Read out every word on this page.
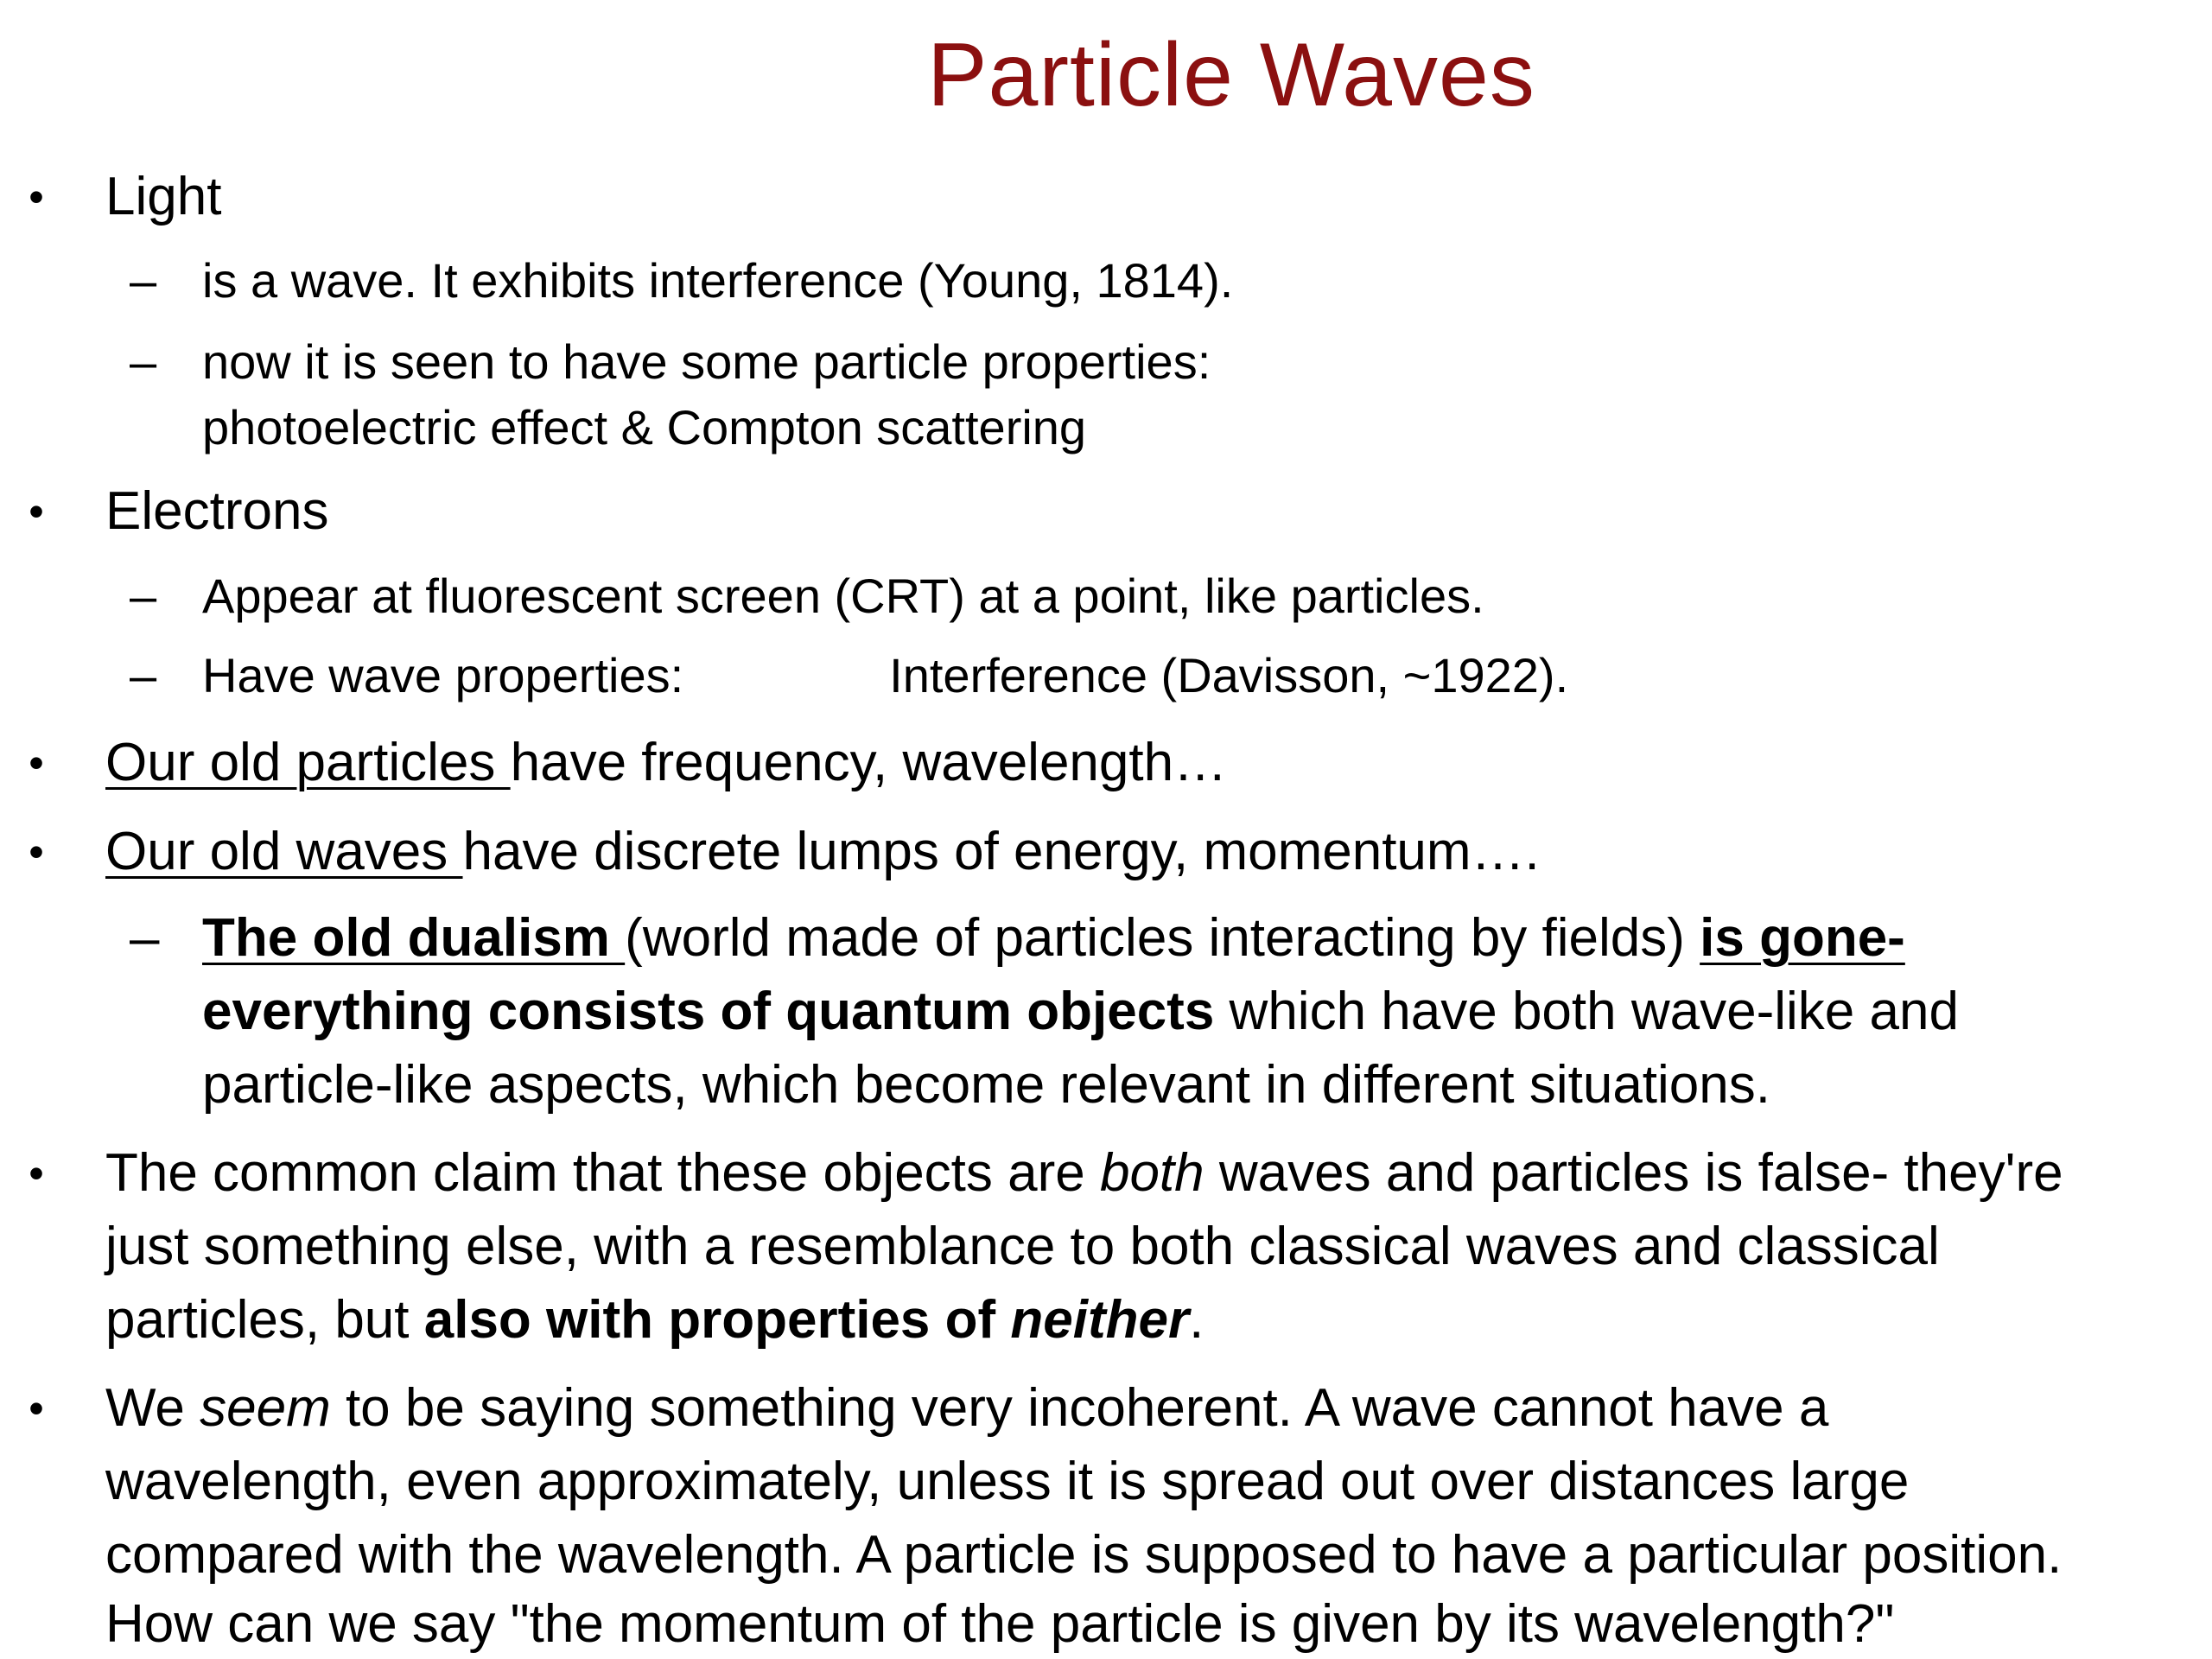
Particle Waves
• Light
– is a wave. It exhibits interference (Young, 1814).
– now it is seen to have some particle properties:
photoelectric effect & Compton scattering
• Electrons
– Appear at fluorescent screen (CRT) at a point, like particles.
– Have wave properties:	Interference (Davisson, ~1922).
• Our old particles have frequency, wavelength…
• Our old waves have discrete lumps of energy, momentum….
– The old dualism (world made of particles interacting by fields) is gone-
everything consists of quantum objects which have both wave-like and
particle-like aspects, which become relevant in different situations.
• The common claim that these objects are both waves and particles is false- they're
just something else, with a resemblance to both classical waves and classical
particles, but also with properties of neither.
• We seem to be saying something very incoherent. A wave cannot have a
wavelength, even approximately, unless it is spread out over distances large
compared with the wavelength. A particle is supposed to have a particular position.
How can we say "the momentum of the particle is given by its wavelength?"
